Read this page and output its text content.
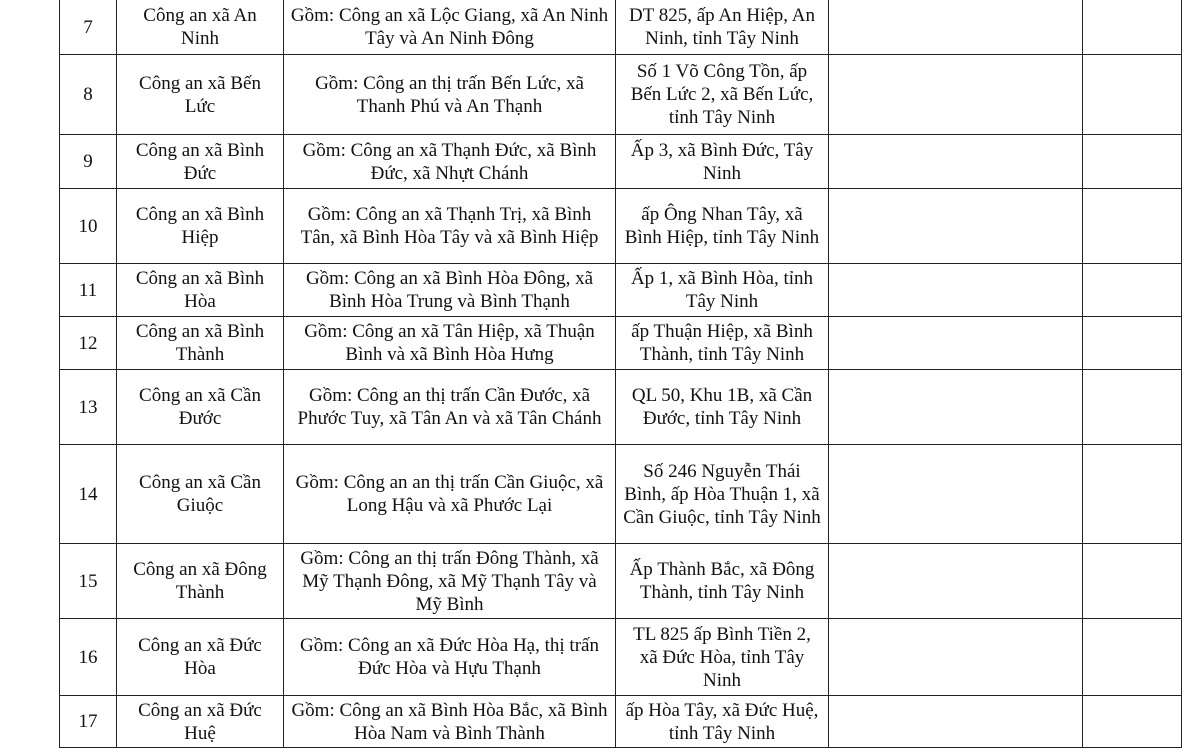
7	Công an xã An Ninh	Gồm: Công an xã Lộc Giang, xã An Ninh Tây và An Ninh Đông	DT 825, ấp An Hiệp, An Ninh, tỉnh Tây Ninh		
8	Công an xã Bến Lức	Gồm: Công an thị trấn Bến Lức, xã Thanh Phú và An Thạnh	Số 1 Võ Công Tồn, ấp Bến Lức 2, xã Bến Lức, tỉnh Tây Ninh		
9	Công an xã Bình Đức	Gồm: Công an xã Thạnh Đức, xã Bình Đức, xã Nhựt Chánh	Ấp 3, xã Bình Đức, Tây Ninh		
10	Công an xã Bình Hiệp	Gồm: Công an xã Thạnh Trị, xã Bình Tân, xã Bình Hòa Tây và xã Bình Hiệp	ấp Ông Nhan Tây, xã Bình Hiệp, tỉnh Tây Ninh		
11	Công an xã Bình Hòa	Gồm: Công an xã Bình Hòa Đông, xã Bình Hòa Trung và Bình Thạnh	Ấp 1, xã Bình Hòa, tỉnh Tây Ninh		
12	Công an xã Bình Thành	Gồm: Công an xã Tân Hiệp, xã Thuận Bình và xã Bình Hòa Hưng	ấp Thuận Hiệp, xã Bình Thành, tỉnh Tây Ninh		
13	Công an xã Cần Đước	Gồm: Công an thị trấn Cần Đước, xã Phước Tuy, xã Tân An và xã Tân Chánh	QL 50, Khu 1B, xã Cần Đước, tỉnh Tây Ninh		
14	Công an xã Cần Giuộc	Gồm: Công an an thị trấn Cần Giuộc, xã Long Hậu và xã Phước Lại	Số 246 Nguyễn Thái Bình, ấp Hòa Thuận 1, xã Cần Giuộc, tỉnh Tây Ninh		
15	Công an xã Đông Thành	Gồm: Công an thị trấn Đông Thành, xã Mỹ Thạnh Đông, xã Mỹ Thạnh Tây và Mỹ Bình	Ấp Thành Bắc, xã Đông Thành, tỉnh Tây Ninh		
16	Công an xã Đức Hòa	Gồm: Công an xã Đức Hòa Hạ, thị trấn Đức Hòa và Hựu Thạnh	TL 825 ấp Bình Tiền 2, xã Đức Hòa, tỉnh Tây Ninh		
17	Công an xã Đức Huệ	Gồm: Công an xã Bình Hòa Bắc, xã Bình Hòa Nam và Bình Thành	ấp Hòa Tây, xã Đức Huệ, tỉnh Tây Ninh		
